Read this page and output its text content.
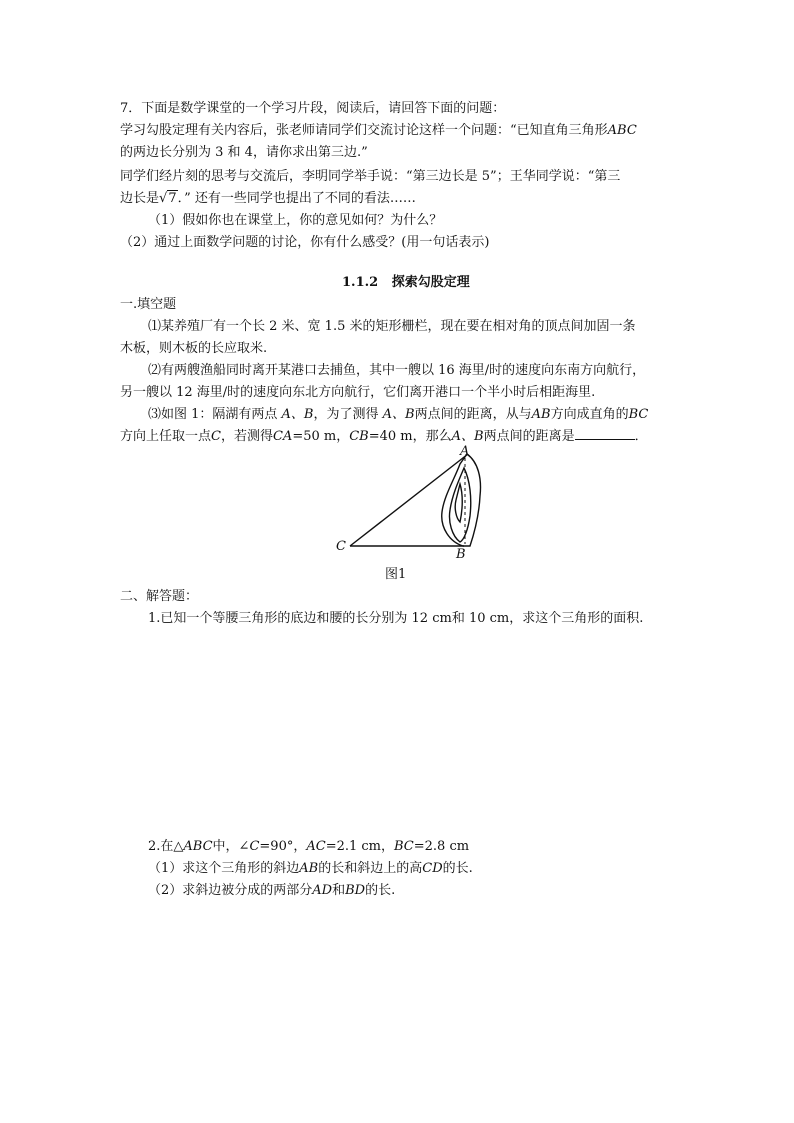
7．下面是数学课堂的一个学习片段，阅读后，请回答下面的问题：
学习勾股定理有关内容后，张老师请同学们交流讨论这样一个问题：“已知直角三角形ABC
的两边长分别为 3 和 4，请你求出第三边.”
同学们经片刻的思考与交流后，李明同学举手说：“第三边长是 5”；王华同学说：“第三
边长是√7．” 还有一些同学也提出了不同的看法……
（1）假如你也在课堂上，你的意见如何？为什么？
（2）通过上面数学问题的讨论，你有什么感受？(用一句话表示)
1.1.2 探索勾股定理
一.填空题
⑴某养殖厂有一个长 2 米、宽 1.5 米的矩形栅栏，现在要在相对角的顶点间加固一条
木板，则木板的长应取米.
⑵有两艘渔船同时离开某港口去捕鱼，其中一艘以 16 海里/时的速度向东南方向航行，
另一艘以 12 海里/时的速度向东北方向航行，它们离开港口一个半小时后相距海里.
⑶如图 1：隔湖有两点 A、B，为了测得 A、B两点间的距离，从与AB方向成直角的BC
方向上任取一点C，若测得CA=50 m，CB=40 m，那么A、B两点间的距离是	．
A
B
C
图1
二、解答题：
1.已知一个等腰三角形的底边和腰的长分别为 12 cm和 10 cm，求这个三角形的面积.
2.在△ABC中，∠C=90°，AC=2.1 cm，BC=2.8 cm
（1）求这个三角形的斜边AB的长和斜边上的高CD的长.
（2）求斜边被分成的两部分AD和BD的长.
